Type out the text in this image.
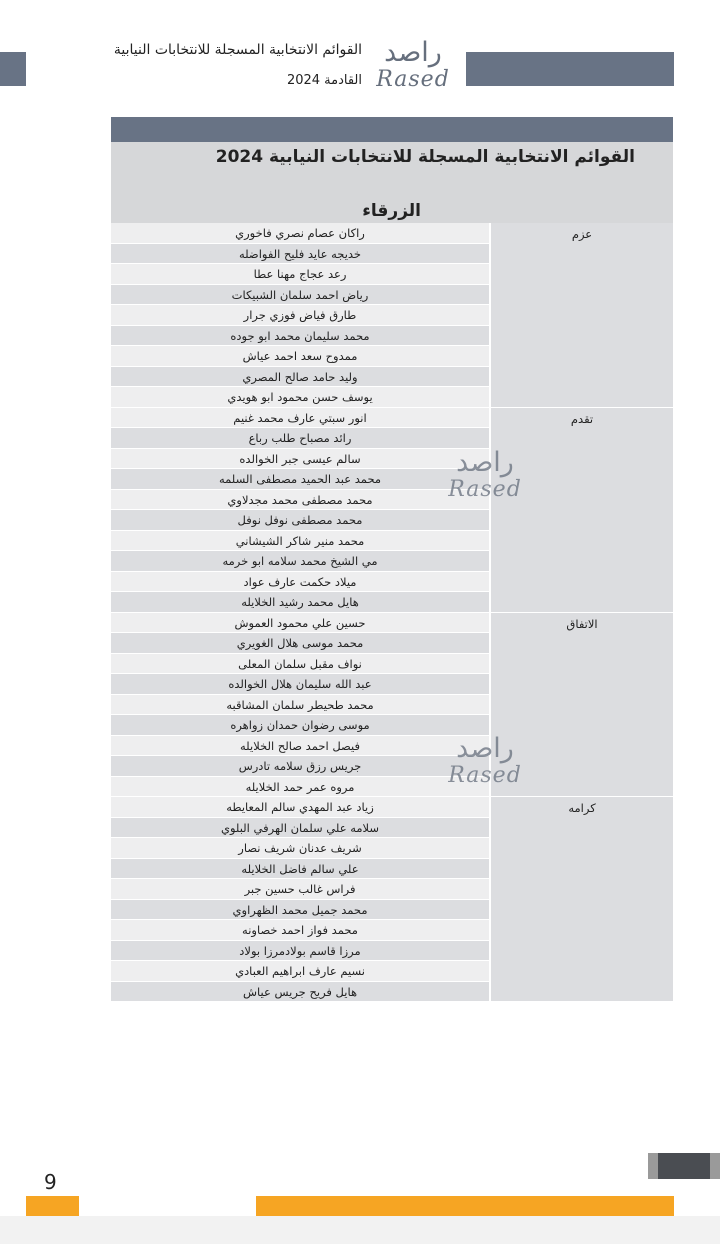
القوائم الانتخابية المسجلة للانتخابات النيابية
القادمة 2024
راصد
Rased
القوائم الانتخابية المسجلة للانتخابات النيابية 2024
الزرقاء
راكان عصام نصري فاخوري
خديجه عايد فليح الفواضله
رعد عجاج مهنا عطا
رياض احمد سلمان الشبيكات
طارق فياض فوزي جرار
محمد سليمان محمد ابو جوده
ممدوح سعد احمد عياش
وليد حامد صالح المصري
يوسف حسن محمود ابو هويدي
عزم
انور سبتي عارف محمد غنيم
رائد مصباح طلب رباع
سالم عيسى جبر الخوالده
محمد عبد الحميد مصطفى السلمه
محمد مصطفى محمد مجدلاوي
محمد مصطفى نوفل نوفل
محمد منير شاكر الشيشاني
مي الشيخ محمد سلامه ابو خرمه
ميلاد حكمت عارف عواد
هايل محمد رشيد الخلايله
تقدم
حسين علي محمود العموش
محمد موسى هلال الغويري
نواف مقبل سلمان المعلى
عبد الله سليمان هلال الخوالده
محمد طحيطر سلمان المشاقبه
موسى رضوان حمدان زواهره
فيصل احمد صالح الخلايله
جريس رزق سلامه تادرس
مروه عمر حمد الخلايله
الاتفاق
زياد عبد المهدي سالم المعايطه
سلامه علي سلمان الهرفي البلوي
شريف عدنان شريف نصار
علي سالم فاضل الخلايله
فراس غالب حسين جبر
محمد جميل محمد الظهراوي
محمد فواز احمد خصاونه
مرزا قاسم بولادمرزا بولاد
نسيم عارف ابراهيم العبادي
هايل فريح جريس عياش
كرامه
راصد
Rased
راصد
Rased
9
